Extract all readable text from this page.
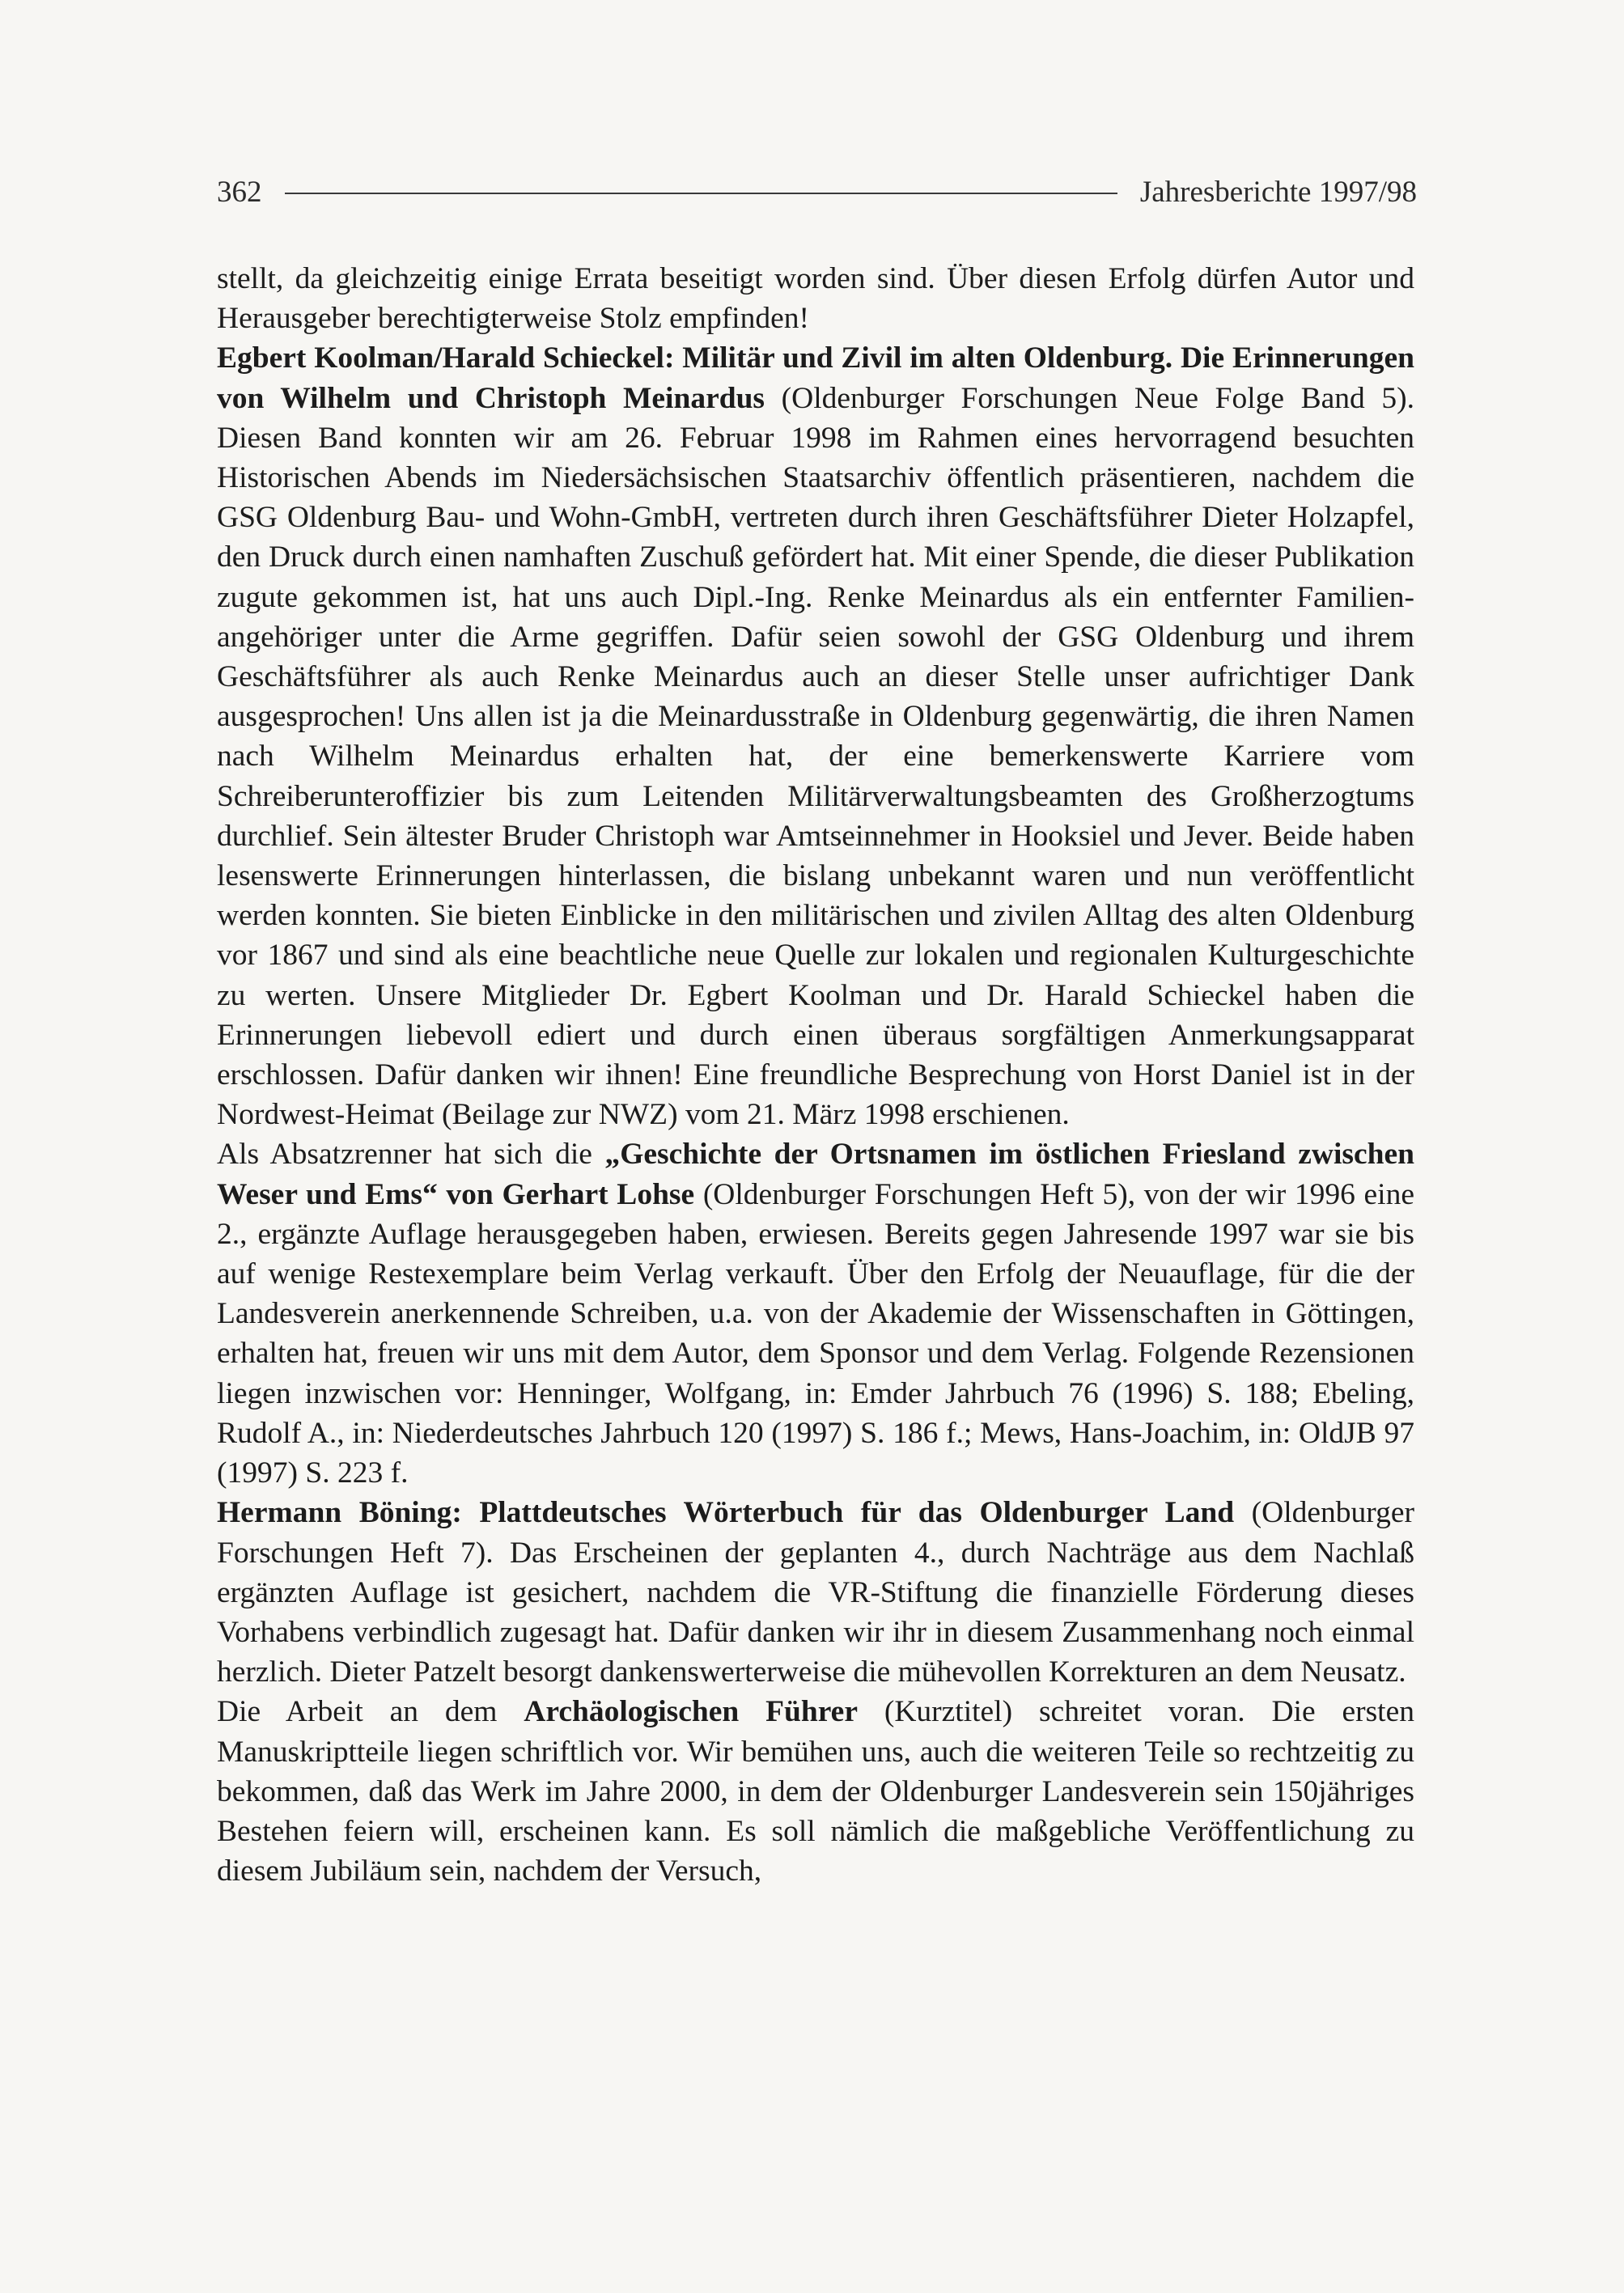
362	Jahresberichte 1997/98

stellt, da gleichzeitig einige Errata beseitigt worden sind. Über diesen Erfolg dürfen Autor und Herausgeber berechtigterweise Stolz empfinden!

Egbert Koolman/Harald Schieckel: Militär und Zivil im alten Oldenburg. Die Erinnerungen von Wilhelm und Christoph Meinardus (Oldenburger Forschungen Neue Folge Band 5). Diesen Band konnten wir am 26. Februar 1998 im Rahmen eines hervorragend besuchten Historischen Abends im Niedersächsischen Staatsarchiv öffentlich präsentieren, nachdem die GSG Oldenburg Bau- und Wohn-GmbH, vertreten durch ihren Geschäftsführer Dieter Holzapfel, den Druck durch einen namhaften Zuschuß gefördert hat. Mit einer Spende, die dieser Publikation zugute gekommen ist, hat uns auch Dipl.-Ing. Renke Meinardus als ein entfernter Familienangehöriger unter die Arme gegriffen. Dafür seien sowohl der GSG Oldenburg und ihrem Geschäftsführer als auch Renke Meinardus auch an dieser Stelle unser aufrichtiger Dank ausgesprochen! Uns allen ist ja die Meinardusstraße in Oldenburg gegenwärtig, die ihren Namen nach Wilhelm Meinardus erhalten hat, der eine bemerkenswerte Karriere vom Schreiberunteroffizier bis zum Leitenden Militärverwaltungsbeamten des Großherzogtums durchlief. Sein ältester Bruder Christoph war Amtseinnehmer in Hooksiel und Jever. Beide haben lesenswerte Erinnerungen hinterlassen, die bislang unbekannt waren und nun veröffentlicht werden konnten. Sie bieten Einblicke in den militärischen und zivilen Alltag des alten Oldenburg vor 1867 und sind als eine beachtliche neue Quelle zur lokalen und regionalen Kulturgeschichte zu werten. Unsere Mitglieder Dr. Egbert Koolman und Dr. Harald Schieckel haben die Erinnerungen liebevoll ediert und durch einen überaus sorgfältigen Anmerkungsapparat erschlossen. Dafür danken wir ihnen! Eine freundliche Besprechung von Horst Daniel ist in der Nordwest-Heimat (Beilage zur NWZ) vom 21. März 1998 erschienen.

Als Absatzrenner hat sich die „Geschichte der Ortsnamen im östlichen Friesland zwischen Weser und Ems“ von Gerhart Lohse (Oldenburger Forschungen Heft 5), von der wir 1996 eine 2., ergänzte Auflage herausgegeben haben, erwiesen. Bereits gegen Jahresende 1997 war sie bis auf wenige Restexemplare beim Verlag verkauft. Über den Erfolg der Neuauflage, für die der Landesverein anerkennende Schreiben, u.a. von der Akademie der Wissenschaften in Göttingen, erhalten hat, freuen wir uns mit dem Autor, dem Sponsor und dem Verlag. Folgende Rezensionen liegen inzwischen vor: Henninger, Wolfgang, in: Emder Jahrbuch 76 (1996) S. 188; Ebeling, Rudolf A., in: Niederdeutsches Jahrbuch 120 (1997) S. 186 f.; Mews, Hans-Joachim, in: OldJB 97 (1997) S. 223 f.

Hermann Böning: Plattdeutsches Wörterbuch für das Oldenburger Land (Oldenburger Forschungen Heft 7). Das Erscheinen der geplanten 4., durch Nachträge aus dem Nachlaß ergänzten Auflage ist gesichert, nachdem die VR-Stiftung die finanzielle Förderung dieses Vorhabens verbindlich zugesagt hat. Dafür danken wir ihr in diesem Zusammenhang noch einmal herzlich. Dieter Patzelt besorgt dankenswerterweise die mühevollen Korrekturen an dem Neusatz.

Die Arbeit an dem Archäologischen Führer (Kurztitel) schreitet voran. Die ersten Manuskriptteile liegen schriftlich vor. Wir bemühen uns, auch die weiteren Teile so rechtzeitig zu bekommen, daß das Werk im Jahre 2000, in dem der Oldenburger Landesverein sein 150jähriges Bestehen feiern will, erscheinen kann. Es soll nämlich die maßgebliche Veröffentlichung zu diesem Jubiläum sein, nachdem der Versuch,
